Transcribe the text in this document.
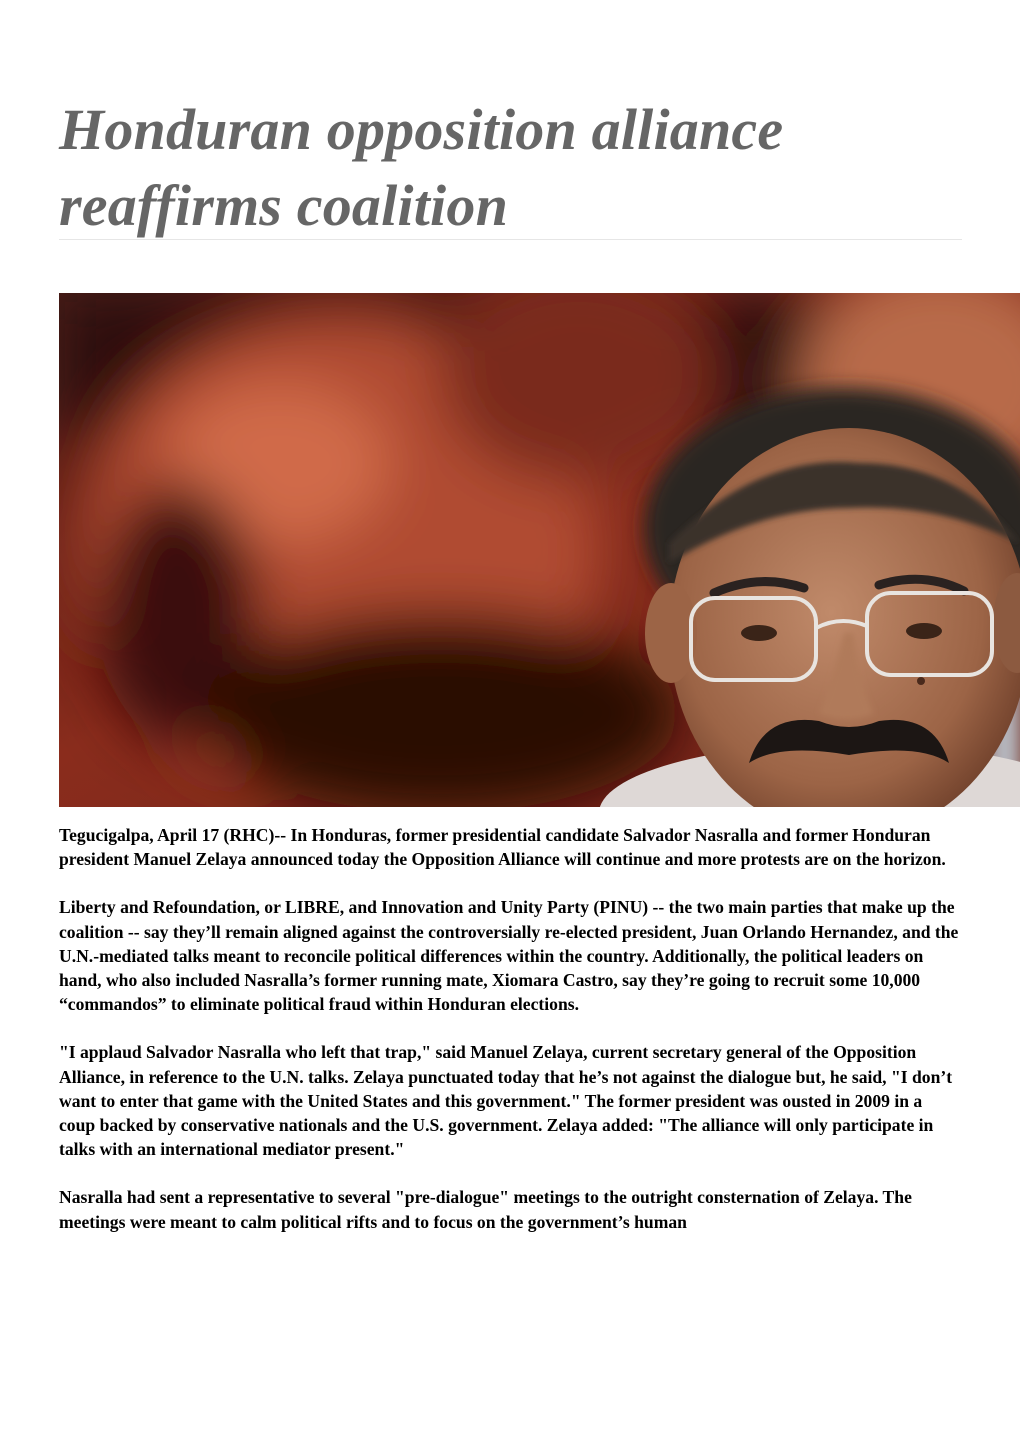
Honduran opposition alliance reaffirms coalition

Tegucigalpa, April 17 (RHC)-- In Honduras, former presidential candidate Salvador Nasralla and former Honduran president Manuel Zelaya announced today the Opposition Alliance will continue and more protests are on the horizon.

Liberty and Refoundation, or LIBRE, and Innovation and Unity Party (PINU) -- the two main parties that make up the coalition -- say they’ll remain aligned against the controversially re-elected president, Juan Orlando Hernandez, and the U.N.-mediated talks meant to reconcile political differences within the country. Additionally, the political leaders on hand, who also included Nasralla’s former running mate, Xiomara Castro, say they’re going to recruit some 10,000 “commandos” to eliminate political fraud within Honduran elections.

"I applaud Salvador Nasralla who left that trap," said Manuel Zelaya, current secretary general of the Opposition Alliance, in reference to the U.N. talks. Zelaya punctuated today that he’s not against the dialogue but, he said, "I don’t want to enter that game with the United States and this government." The former president was ousted in 2009 in a coup backed by conservative nationals and the U.S. government. Zelaya added: "The alliance will only participate in talks with an international mediator present."

Nasralla had sent a representative to several "pre-dialogue" meetings to the outright consternation of Zelaya. The meetings were meant to calm political rifts and to focus on the government’s human
